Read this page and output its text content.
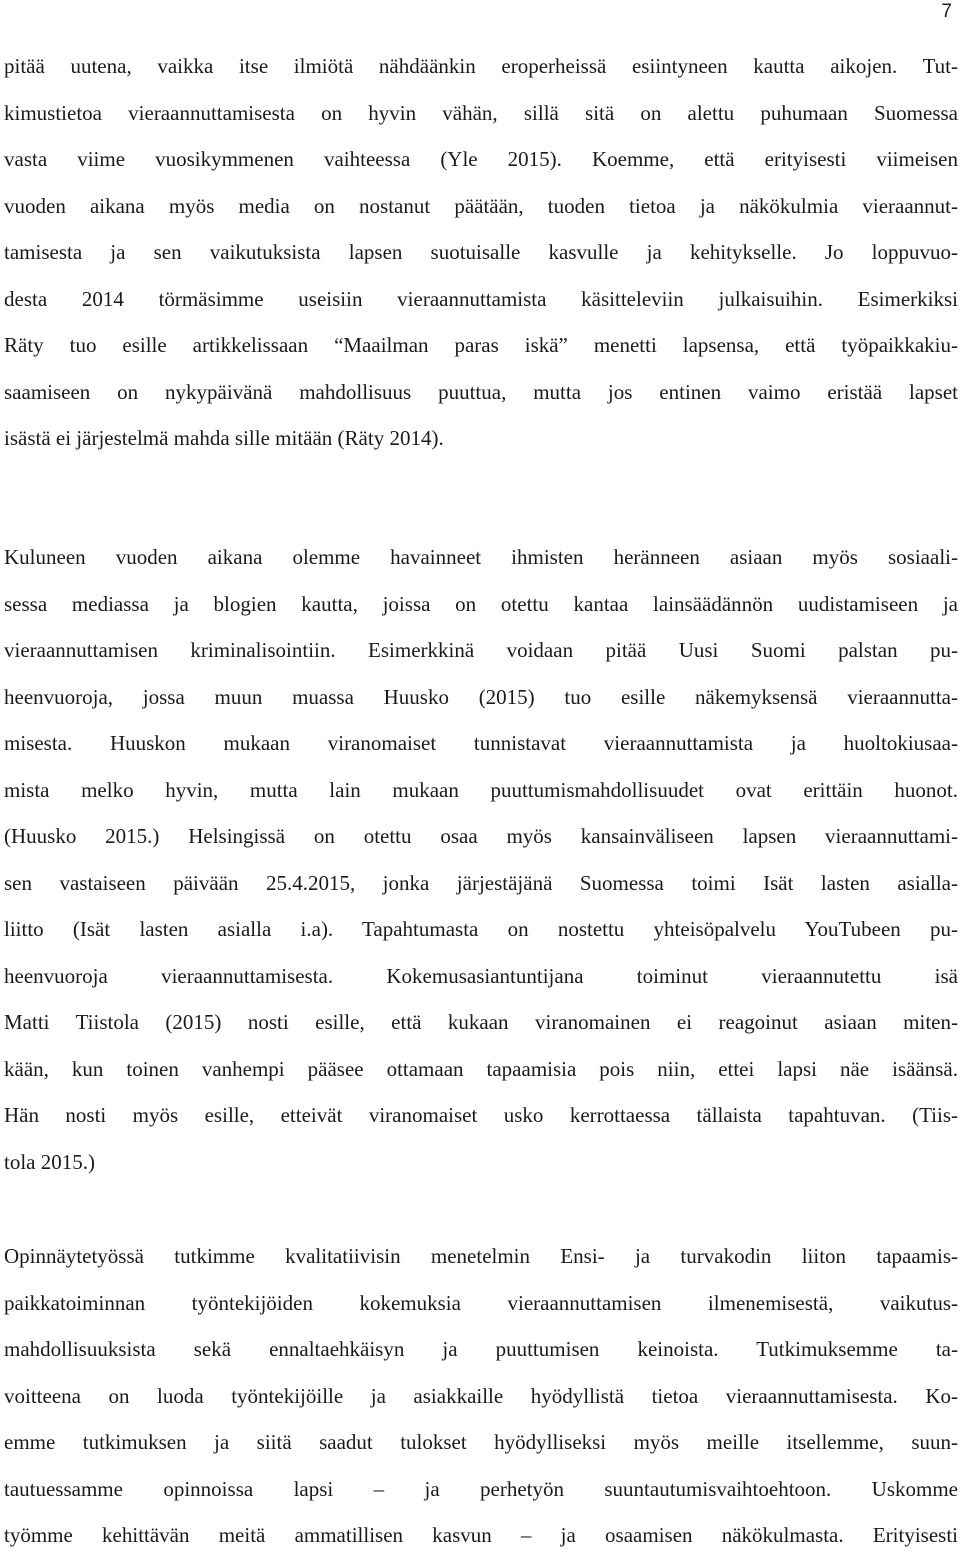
7
pitää uutena, vaikka itse ilmiötä nähdäänkin eroperheissä esiintyneen kautta aikojen. Tut-
kimustietoa vieraannuttamisesta on hyvin vähän, sillä sitä on alettu puhumaan Suomessa
vasta viime vuosikymmenen vaihteessa (Yle 2015). Koemme, että erityisesti viimeisen
vuoden aikana myös media on nostanut päätään, tuoden tietoa ja näkökulmia vieraannut-
tamisesta ja sen vaikutuksista lapsen suotuisalle kasvulle ja kehitykselle. Jo loppuvuo-
desta 2014 törmäsimme useisiin vieraannuttamista käsitteleviin julkaisuihin. Esimerkiksi
Räty tuo esille artikkelissaan “Maailman paras iskä” menetti lapsensa, että työpaikkakiu-
saamiseen on nykypäivänä mahdollisuus puuttua, mutta jos entinen vaimo eristää lapset
isästä ei järjestelmä mahda sille mitään (Räty 2014).
Kuluneen vuoden aikana olemme havainneet ihmisten heränneen asiaan myös sosiaali-
sessa mediassa ja blogien kautta, joissa on otettu kantaa lainsäädännön uudistamiseen ja
vieraannuttamisen kriminalisointiin. Esimerkkinä voidaan pitää Uusi Suomi palstan pu-
heenvuoroja, jossa muun muassa Huusko (2015) tuo esille näkemyksensä vieraannutta-
misesta. Huuskon mukaan viranomaiset tunnistavat vieraannuttamista ja huoltokiusaa-
mista melko hyvin, mutta lain mukaan puuttumismahdollisuudet ovat erittäin huonot.
(Huusko 2015.) Helsingissä on otettu osaa myös kansainväliseen lapsen vieraannuttami-
sen vastaiseen päivään 25.4.2015, jonka järjestäjänä Suomessa toimi Isät lasten asialla-
liitto (Isät lasten asialla i.a). Tapahtumasta on nostettu yhteisöpalvelu YouTubeen pu-
heenvuoroja vieraannuttamisesta. Kokemusasiantuntijana toiminut vieraannutettu isä
Matti Tiistola (2015) nosti esille, että kukaan viranomainen ei reagoinut asiaan miten-
kään, kun toinen vanhempi pääsee ottamaan tapaamisia pois niin, ettei lapsi näe isäänsä.
Hän nosti myös esille, etteivät viranomaiset usko kerrottaessa tällaista tapahtuvan. (Tiis-
tola 2015.)
Opinnäytetyössä tutkimme kvalitatiivisin menetelmin Ensi- ja turvakodin liiton tapaamis-
paikkatoiminnan työntekijöiden kokemuksia vieraannuttamisen ilmenemisestä, vaikutus-
mahdollisuuksista sekä ennaltaehkäisyn ja puuttumisen keinoista. Tutkimuksemme ta-
voitteena on luoda työntekijöille ja asiakkaille hyödyllistä tietoa vieraannuttamisesta. Ko-
emme tutkimuksen ja siitä saadut tulokset hyödylliseksi myös meille itsellemme, suun-
tautuessamme opinnoissa lapsi – ja perhetyön suuntautumisvaihtoehtoon. Uskomme
työmme kehittävän meitä ammatillisen kasvun – ja osaamisen näkökulmasta. Erityisesti
